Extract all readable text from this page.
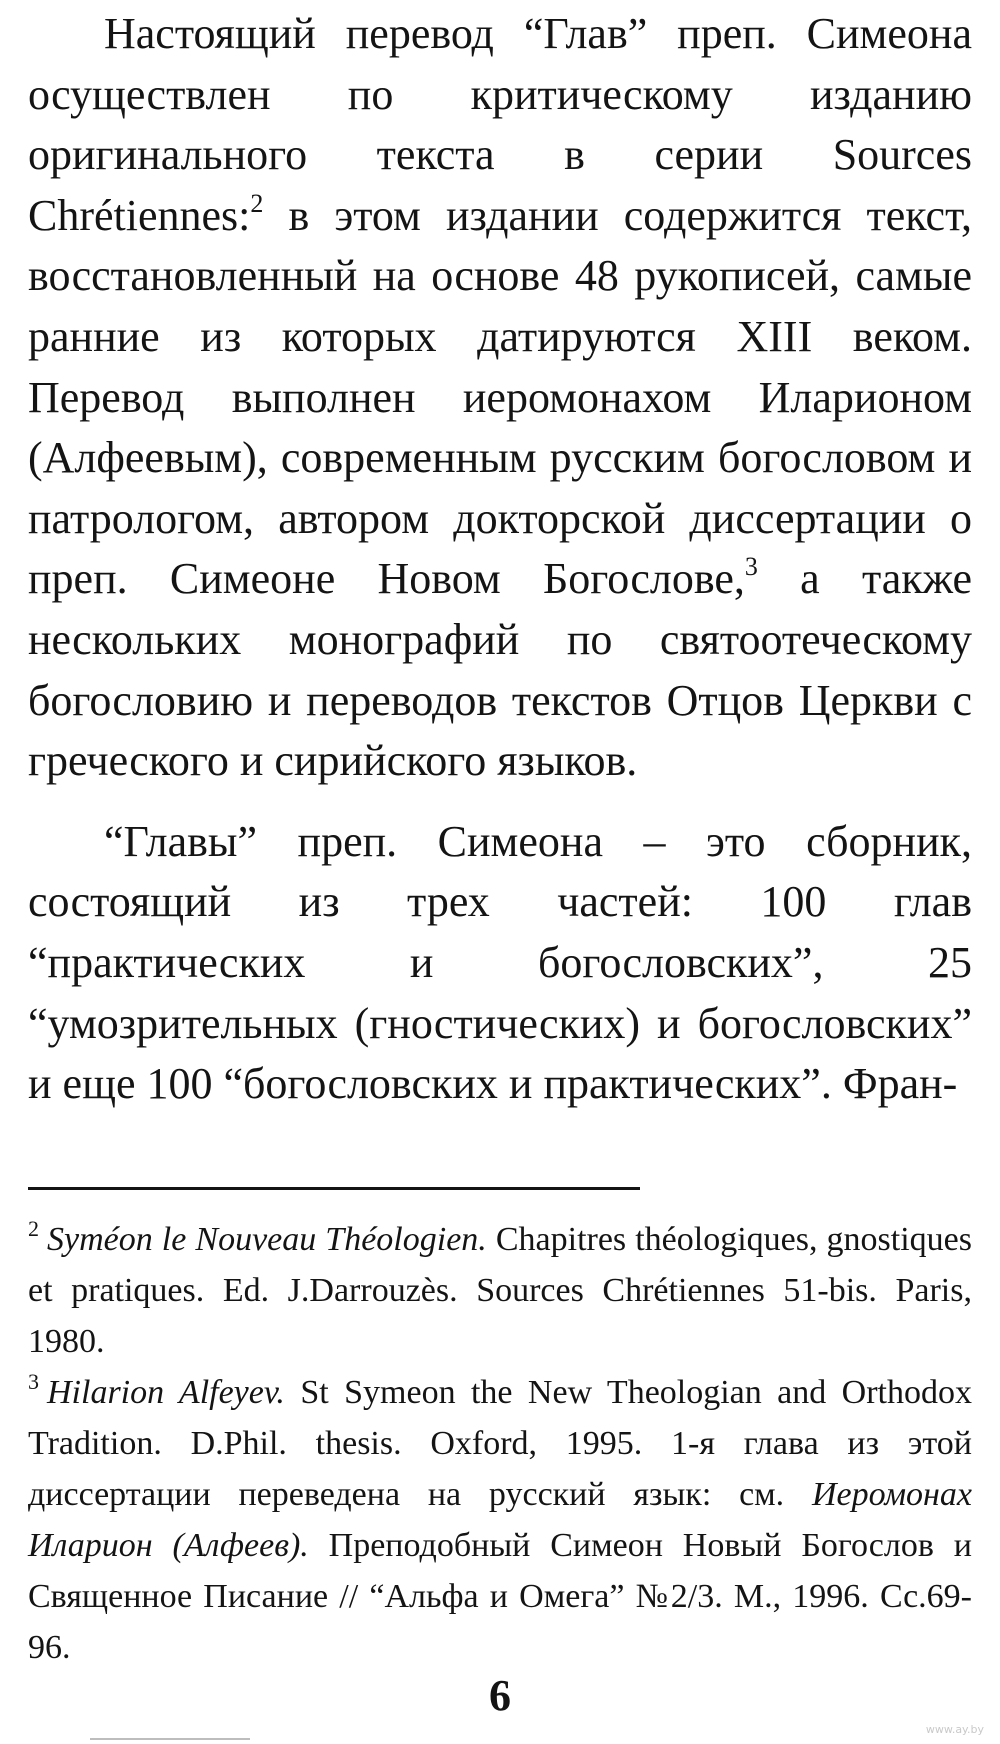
Настоящий перевод “Глав” преп. Симеона осуществлен по критическому изданию оригинального текста в серии Sources Chrétiennes:$^2$ в этом издании содержится текст, восстановленный на основе 48 рукописей, самые ранние из которых датируются XIII веком. Перевод выполнен иеромонахом Иларионом (Алфеевым), современным русским богословом и патрологом, автором докторской диссертации о преп. Симеоне Новом Богослове,$^3$ а также нескольких монографий по святоотеческому богословию и переводов текстов Отцов Церкви с греческого и сирийского языков.

“Главы” преп. Симеона – это сборник, состоящий из трех частей: 100 глав “практических и богословских”, 25 “умозрительных (гностических) и богословских” и еще 100 “богословских и практических”. Фран-

$^2$ Syméon le Nouveau Théologien. Chapitres théologiques, gnostiques et pratiques. Ed. J.Darrouzès. Sources Chrétiennes 51-bis. Paris, 1980.

$^3$ Hilarion Alfeyev. St Symeon the New Theologian and Orthodox Tradition. D.Phil. thesis. Oxford, 1995. 1-я глава из этой диссертации переведена на русский язык: см. Иеромонах Иларион (Алфеев). Преподобный Симеон Новый Богослов и Священное Писание // “Альфа и Омега” №2/3. М., 1996. Сс.69-96.

6
www.ay.by
